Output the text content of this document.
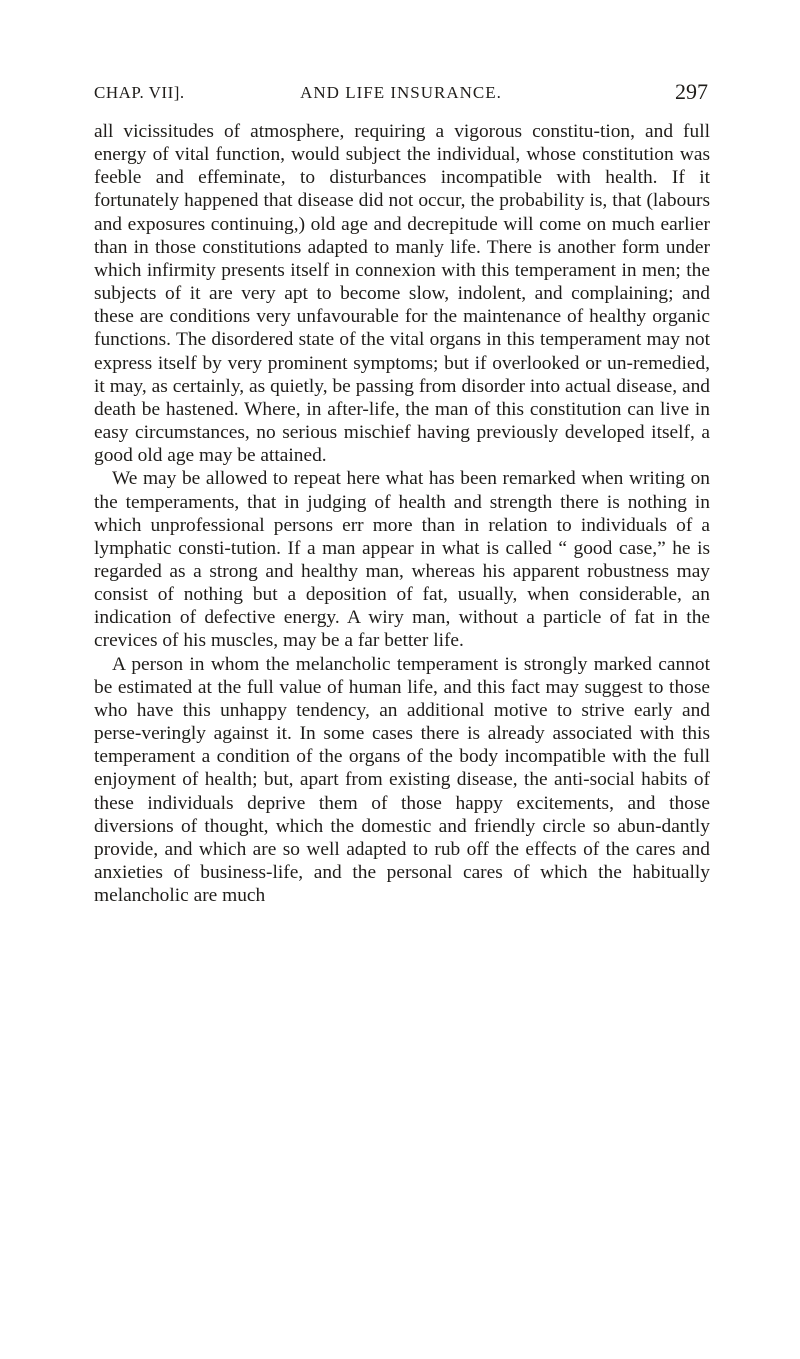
CHAP. VII].	AND LIFE INSURANCE.	297

all vicissitudes of atmosphere, requiring a vigorous constitu-tion, and full energy of vital function, would subject the individual, whose constitution was feeble and effeminate, to disturbances incompatible with health. If it fortunately happened that disease did not occur, the probability is, that (labours and exposures continuing,) old age and decrepitude will come on much earlier than in those constitutions adapted to manly life. There is another form under which infirmity presents itself in connexion with this temperament in men; the subjects of it are very apt to become slow, indolent, and complaining; and these are conditions very unfavourable for the maintenance of healthy organic functions. The disordered state of the vital organs in this temperament may not express itself by very prominent symptoms; but if overlooked or un-remedied, it may, as certainly, as quietly, be passing from disorder into actual disease, and death be hastened. Where, in after-life, the man of this constitution can live in easy circumstances, no serious mischief having previously developed itself, a good old age may be attained.

We may be allowed to repeat here what has been remarked when writing on the temperaments, that in judging of health and strength there is nothing in which unprofessional persons err more than in relation to individuals of a lymphatic consti-tution. If a man appear in what is called “ good case,” he is regarded as a strong and healthy man, whereas his apparent robustness may consist of nothing but a deposition of fat, usually, when considerable, an indication of defective energy. A wiry man, without a particle of fat in the crevices of his muscles, may be a far better life.

A person in whom the melancholic temperament is strongly marked cannot be estimated at the full value of human life, and this fact may suggest to those who have this unhappy tendency, an additional motive to strive early and perse-veringly against it. In some cases there is already associated with this temperament a condition of the organs of the body incompatible with the full enjoyment of health; but, apart from existing disease, the anti-social habits of these individuals deprive them of those happy excitements, and those diversions of thought, which the domestic and friendly circle so abun-dantly provide, and which are so well adapted to rub off the effects of the cares and anxieties of business-life, and the personal cares of which the habitually melancholic are much
